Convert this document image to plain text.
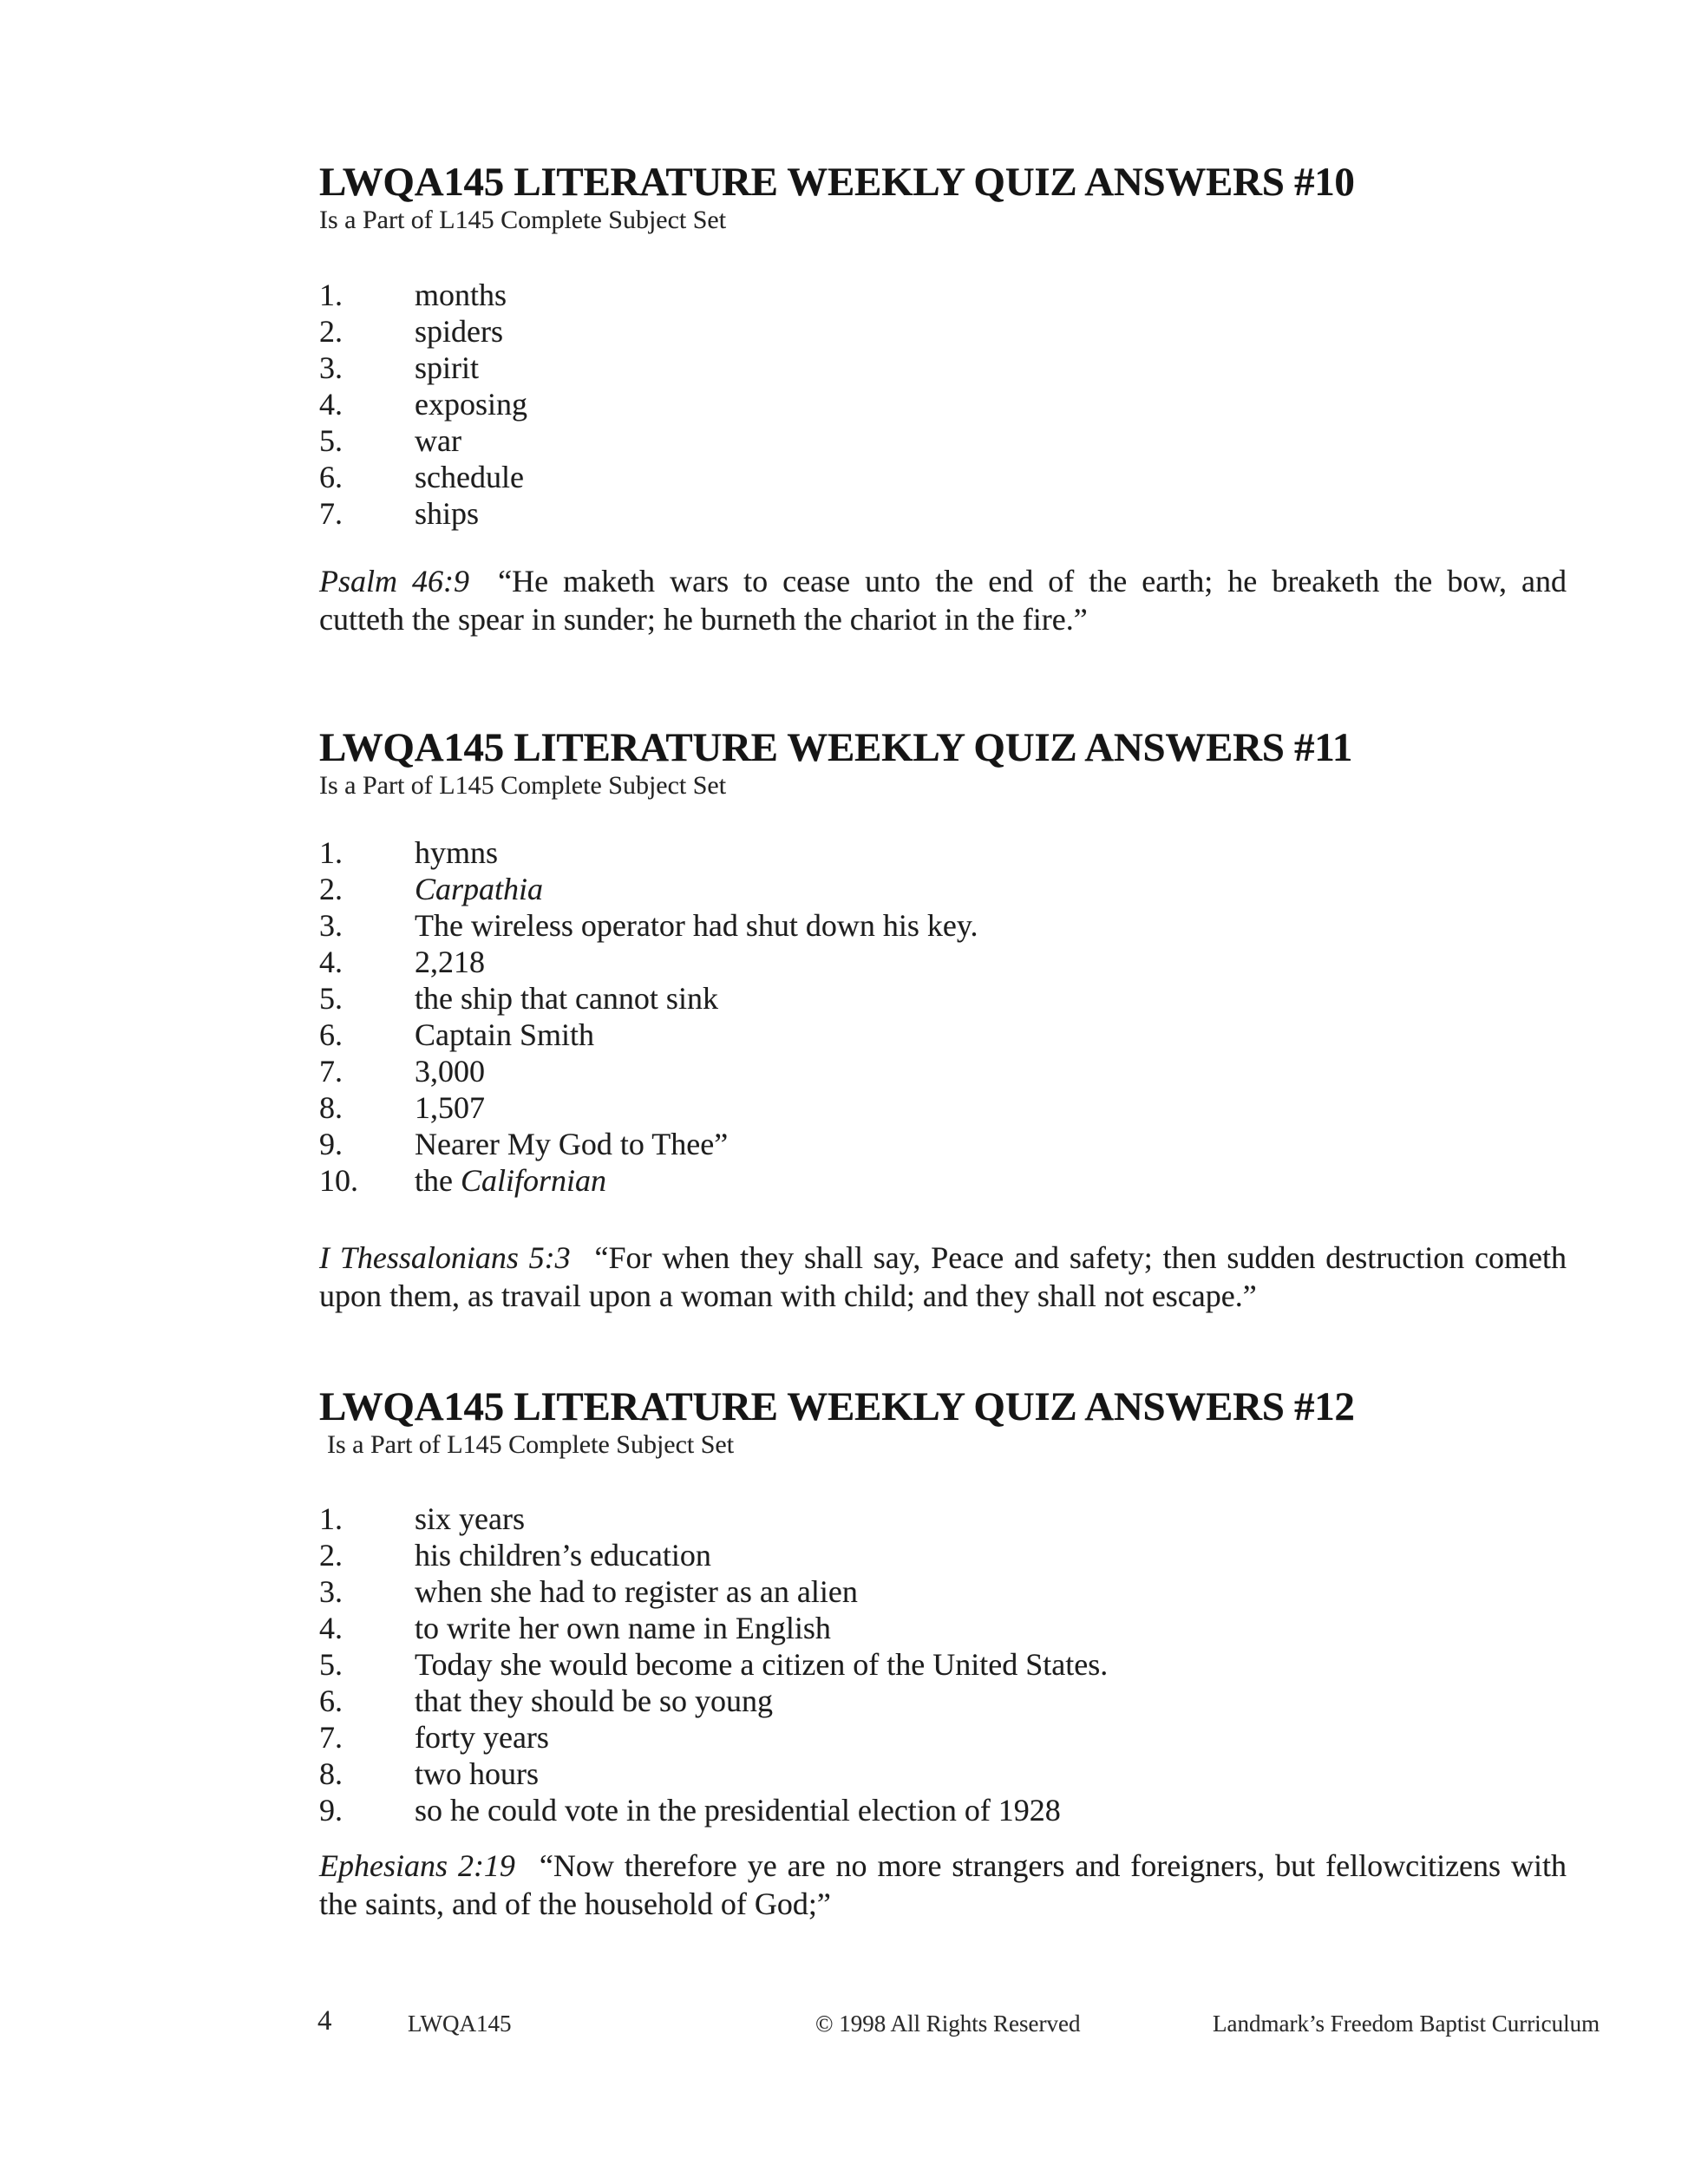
LWQA145 LITERATURE WEEKLY QUIZ ANSWERS #10

Is a Part of L145 Complete Subject Set

1.	months
2.	spiders
3.	spirit
4.	exposing
5.	war
6.	schedule
7.	ships
Psalm 46:9 “He maketh wars to cease unto the end of the earth; he breaketh the bow, and
cutteth the spear in sunder; he burneth the chariot in the fire.”
LWQA145 LITERATURE WEEKLY QUIZ ANSWERS #11

Is a Part of L145 Complete Subject Set

1.	hymns
2.	Carpathia
3.	The wireless operator had shut down his key.
4.	2,218
5.	the ship that cannot sink
6.	Captain Smith
7.	3,000
8.	1,507
9.	Nearer My God to Thee”
10.	the Californian
I Thessalonians 5:3 “For when they shall say, Peace and safety; then sudden destruction cometh
upon them, as travail upon a woman with child; and they shall not escape.”
LWQA145 LITERATURE WEEKLY QUIZ ANSWERS #12

Is a Part of L145 Complete Subject Set

1.	six years
2.	his children’s education
3.	when she had to register as an alien
4.	to write her own name in English
5.	Today she would become a citizen of the United States.
6.	that they should be so young
7.	forty years
8.	two hours
9.	so he could vote in the presidential election of 1928
Ephesians 2:19 “Now therefore ye are no more strangers and foreigners, but fellowcitizens with
the saints, and of the household of God;”
4	LWQA145	© 1998 All Rights Reserved	Landmark’s Freedom Baptist Curriculum
